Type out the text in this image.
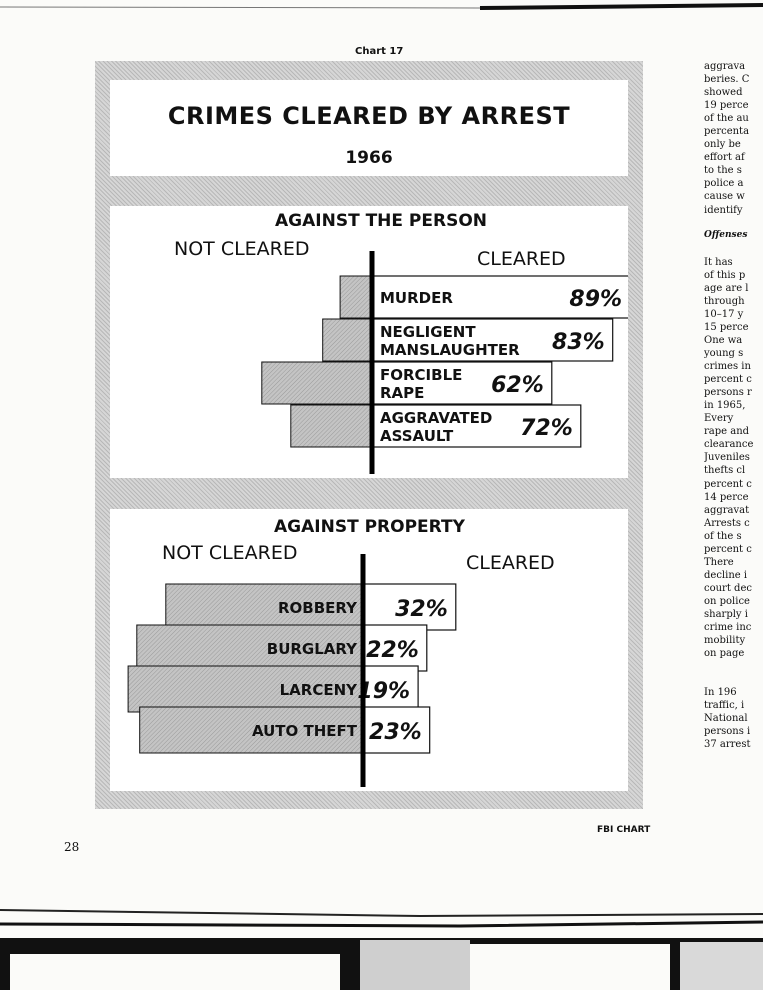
Chart 17
CRIMES CLEARED BY ARREST
1966
AGAINST THE PERSON
NOT CLEARED	CLEARED
MURDER	89%
NEGLIGENT
MANSLAUGHTER 83%
FORCIBLE
RAPE	62%
AGGRAVATED
ASSAULT	72%
AGAINST PROPERTY
NOT CLEARED	CLEARED
ROBBERY 32%
BURGLARY 22%
LARCENY 19%
AUTO THEFT 23%
FBI CHART
28
aggrava
beries. C
showed
19 perce
of the au
percenta
only be
effort af
to the s
police a
cause w
identify
Offenses
It has
of this p
age are l
through
10–17 y
15 perce
One wa
young s
crimes in
percent c
persons r
in 1965,
Every
rape and
clearance
Juveniles
thefts cl
percent c
14 perce
aggravat
Arrests c
of the s
percent c
There
decline i
court dec
on police
sharply i
crime inc
mobility
on page
In 196
traffic, i
National
persons i
37 arrest
